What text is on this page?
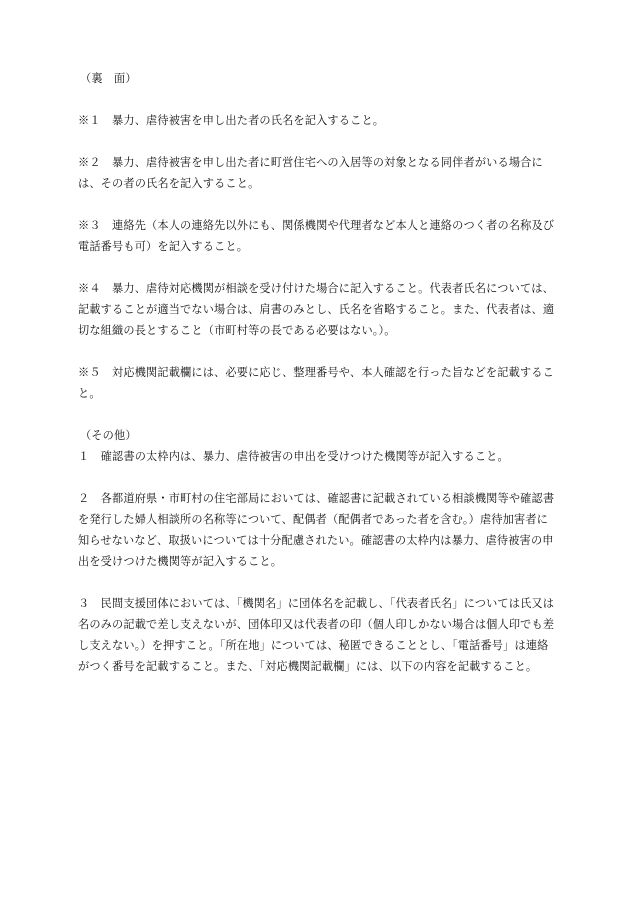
（裏　面）

※１　暴力、虐待被害を申し出た者の氏名を記入すること。

※２　暴力、虐待被害を申し出た者に町営住宅への入居等の対象となる同伴者がいる場合には、その者の氏名を記入すること。

※３　連絡先（本人の連絡先以外にも、関係機関や代理者など本人と連絡のつく者の名称及び電話番号も可）を記入すること。

※４　暴力、虐待対応機関が相談を受け付けた場合に記入すること。代表者氏名については、記載することが適当でない場合は、肩書のみとし、氏名を省略すること。また、代表者は、適切な組織の長とすること（市町村等の長である必要はない。）。

※５　対応機関記載欄には、必要に応じ、整理番号や、本人確認を行った旨などを記載すること。

（その他）

１　確認書の太枠内は、暴力、虐待被害の申出を受けつけた機関等が記入すること。

２　各都道府県・市町村の住宅部局においては、確認書に記載されている相談機関等や確認書を発行した婦人相談所の名称等について、配偶者（配偶者であった者を含む。）虐待加害者に知らせないなど、取扱いについては十分配慮されたい。確認書の太枠内は暴力、虐待被害の申出を受けつけた機関等が記入すること。

３　民間支援団体においては、「機関名」に団体名を記載し、「代表者氏名」については氏又は名のみの記載で差し支えないが、団体印又は代表者の印（個人印しかない場合は個人印でも差し支えない。）を押すこと。「所在地」については、秘匿できることとし、「電話番号」は連絡がつく番号を記載すること。また、「対応機関記載欄」には、以下の内容を記載すること。
